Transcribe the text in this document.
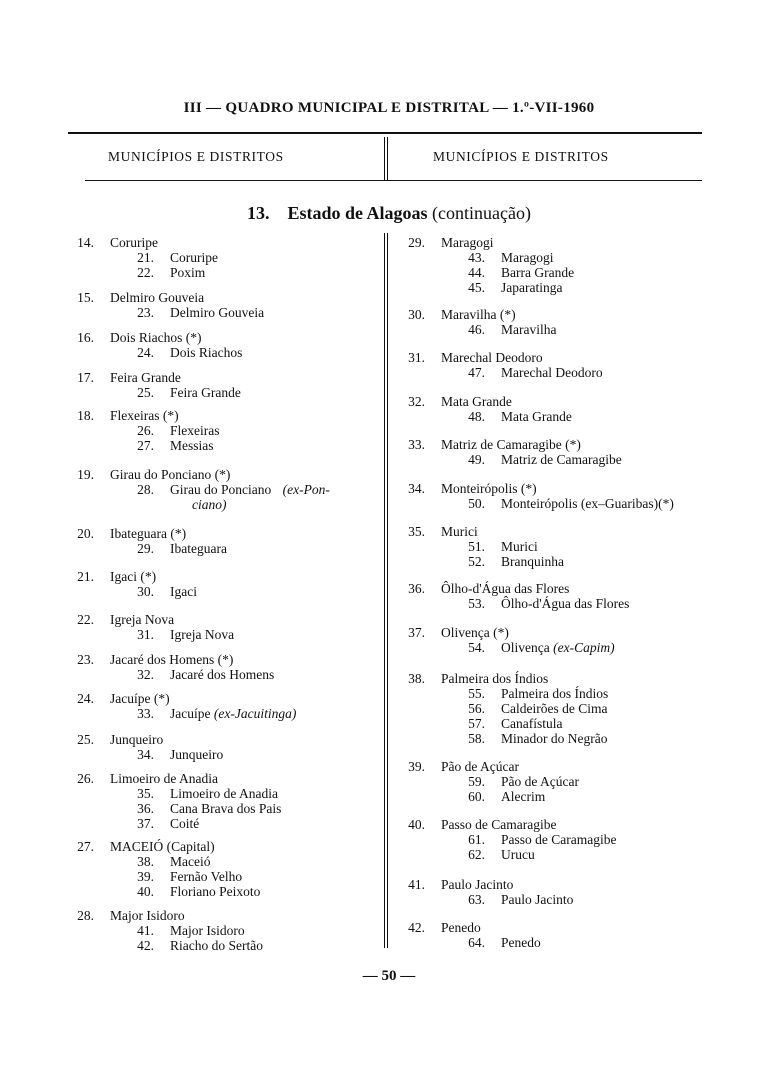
III — QUADRO MUNICIPAL E DISTRITAL — 1.º-VII-1960
MUNICÍPIOS E DISTRITOS	MUNICÍPIOS E DISTRITOS
13. Estado de Alagoas (continuação)
14. Coruripe
21. Coruripe
22. Poxim
15. Delmiro Gouveia
23. Delmiro Gouveia
16. Dois Riachos (*)
24. Dois Riachos
17. Feira Grande
25. Feira Grande
18. Flexeiras (*)
26. Flexeiras
27. Messias
19. Girau do Ponciano (*)
28. Girau do Ponciano (ex-Pon-
ciano)
20. Ibateguara (*)
29. Ibateguara
21. Igaci (*)
30. Igaci
22. Igreja Nova
31. Igreja Nova
23. Jacaré dos Homens (*)
32. Jacaré dos Homens
24. Jacuípe (*)
33. Jacuípe (ex-Jacuitinga)
25. Junqueiro
34. Junqueiro
26. Limoeiro de Anadia
35. Limoeiro de Anadia
36. Cana Brava dos Pais
37. Coité
27. MACEIÓ (Capital)
38. Maceió
39. Fernão Velho
40. Floriano Peixoto
28. Major Isidoro
41. Major Isidoro
42. Riacho do Sertão
29. Maragogi
43. Maragogi
44. Barra Grande
45. Japaratinga
30. Maravilha (*)
46. Maravilha
31. Marechal Deodoro
47. Marechal Deodoro
32. Mata Grande
48. Mata Grande
33. Matriz de Camaragibe (*)
49. Matriz de Camaragibe
34. Monteirópolis (*)
50. Monteirópolis (ex–Guaribas)(*)
35. Murici
51. Murici
52. Branquinha
36. Ôlho-d'Água das Flores
53. Ôlho-d'Água das Flores
37. Olivença (*)
54. Olivença (ex-Capim)
38. Palmeira dos Índios
55. Palmeira dos Índios
56. Caldeirões de Cima
57. Canafístula
58. Minador do Negrão
39. Pão de Açúcar
59. Pão de Açúcar
60. Alecrim
40. Passo de Camaragibe
61. Passo de Caramagibe
62. Urucu
41. Paulo Jacinto
63. Paulo Jacinto
42. Penedo
64. Penedo
— 50 —
